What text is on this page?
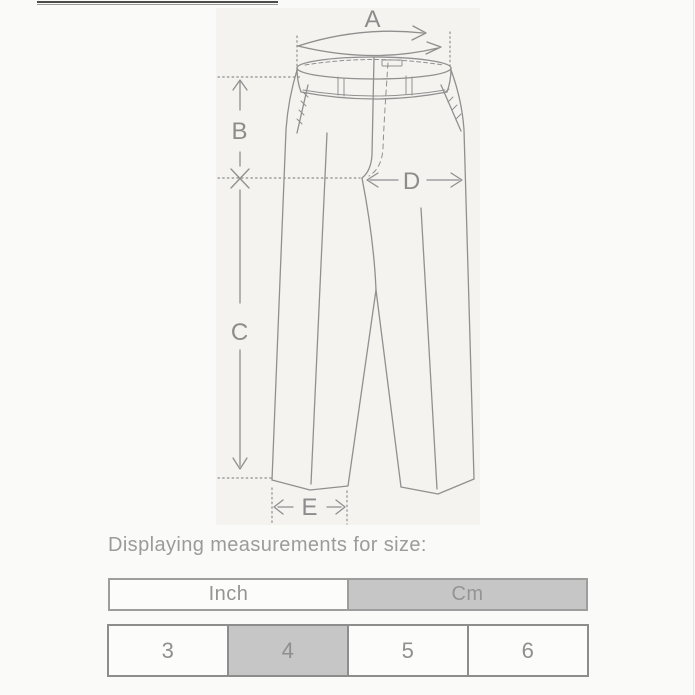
A
B
C
D
E
Displaying measurements for size:
Inch	Cm
3	4	5	6
